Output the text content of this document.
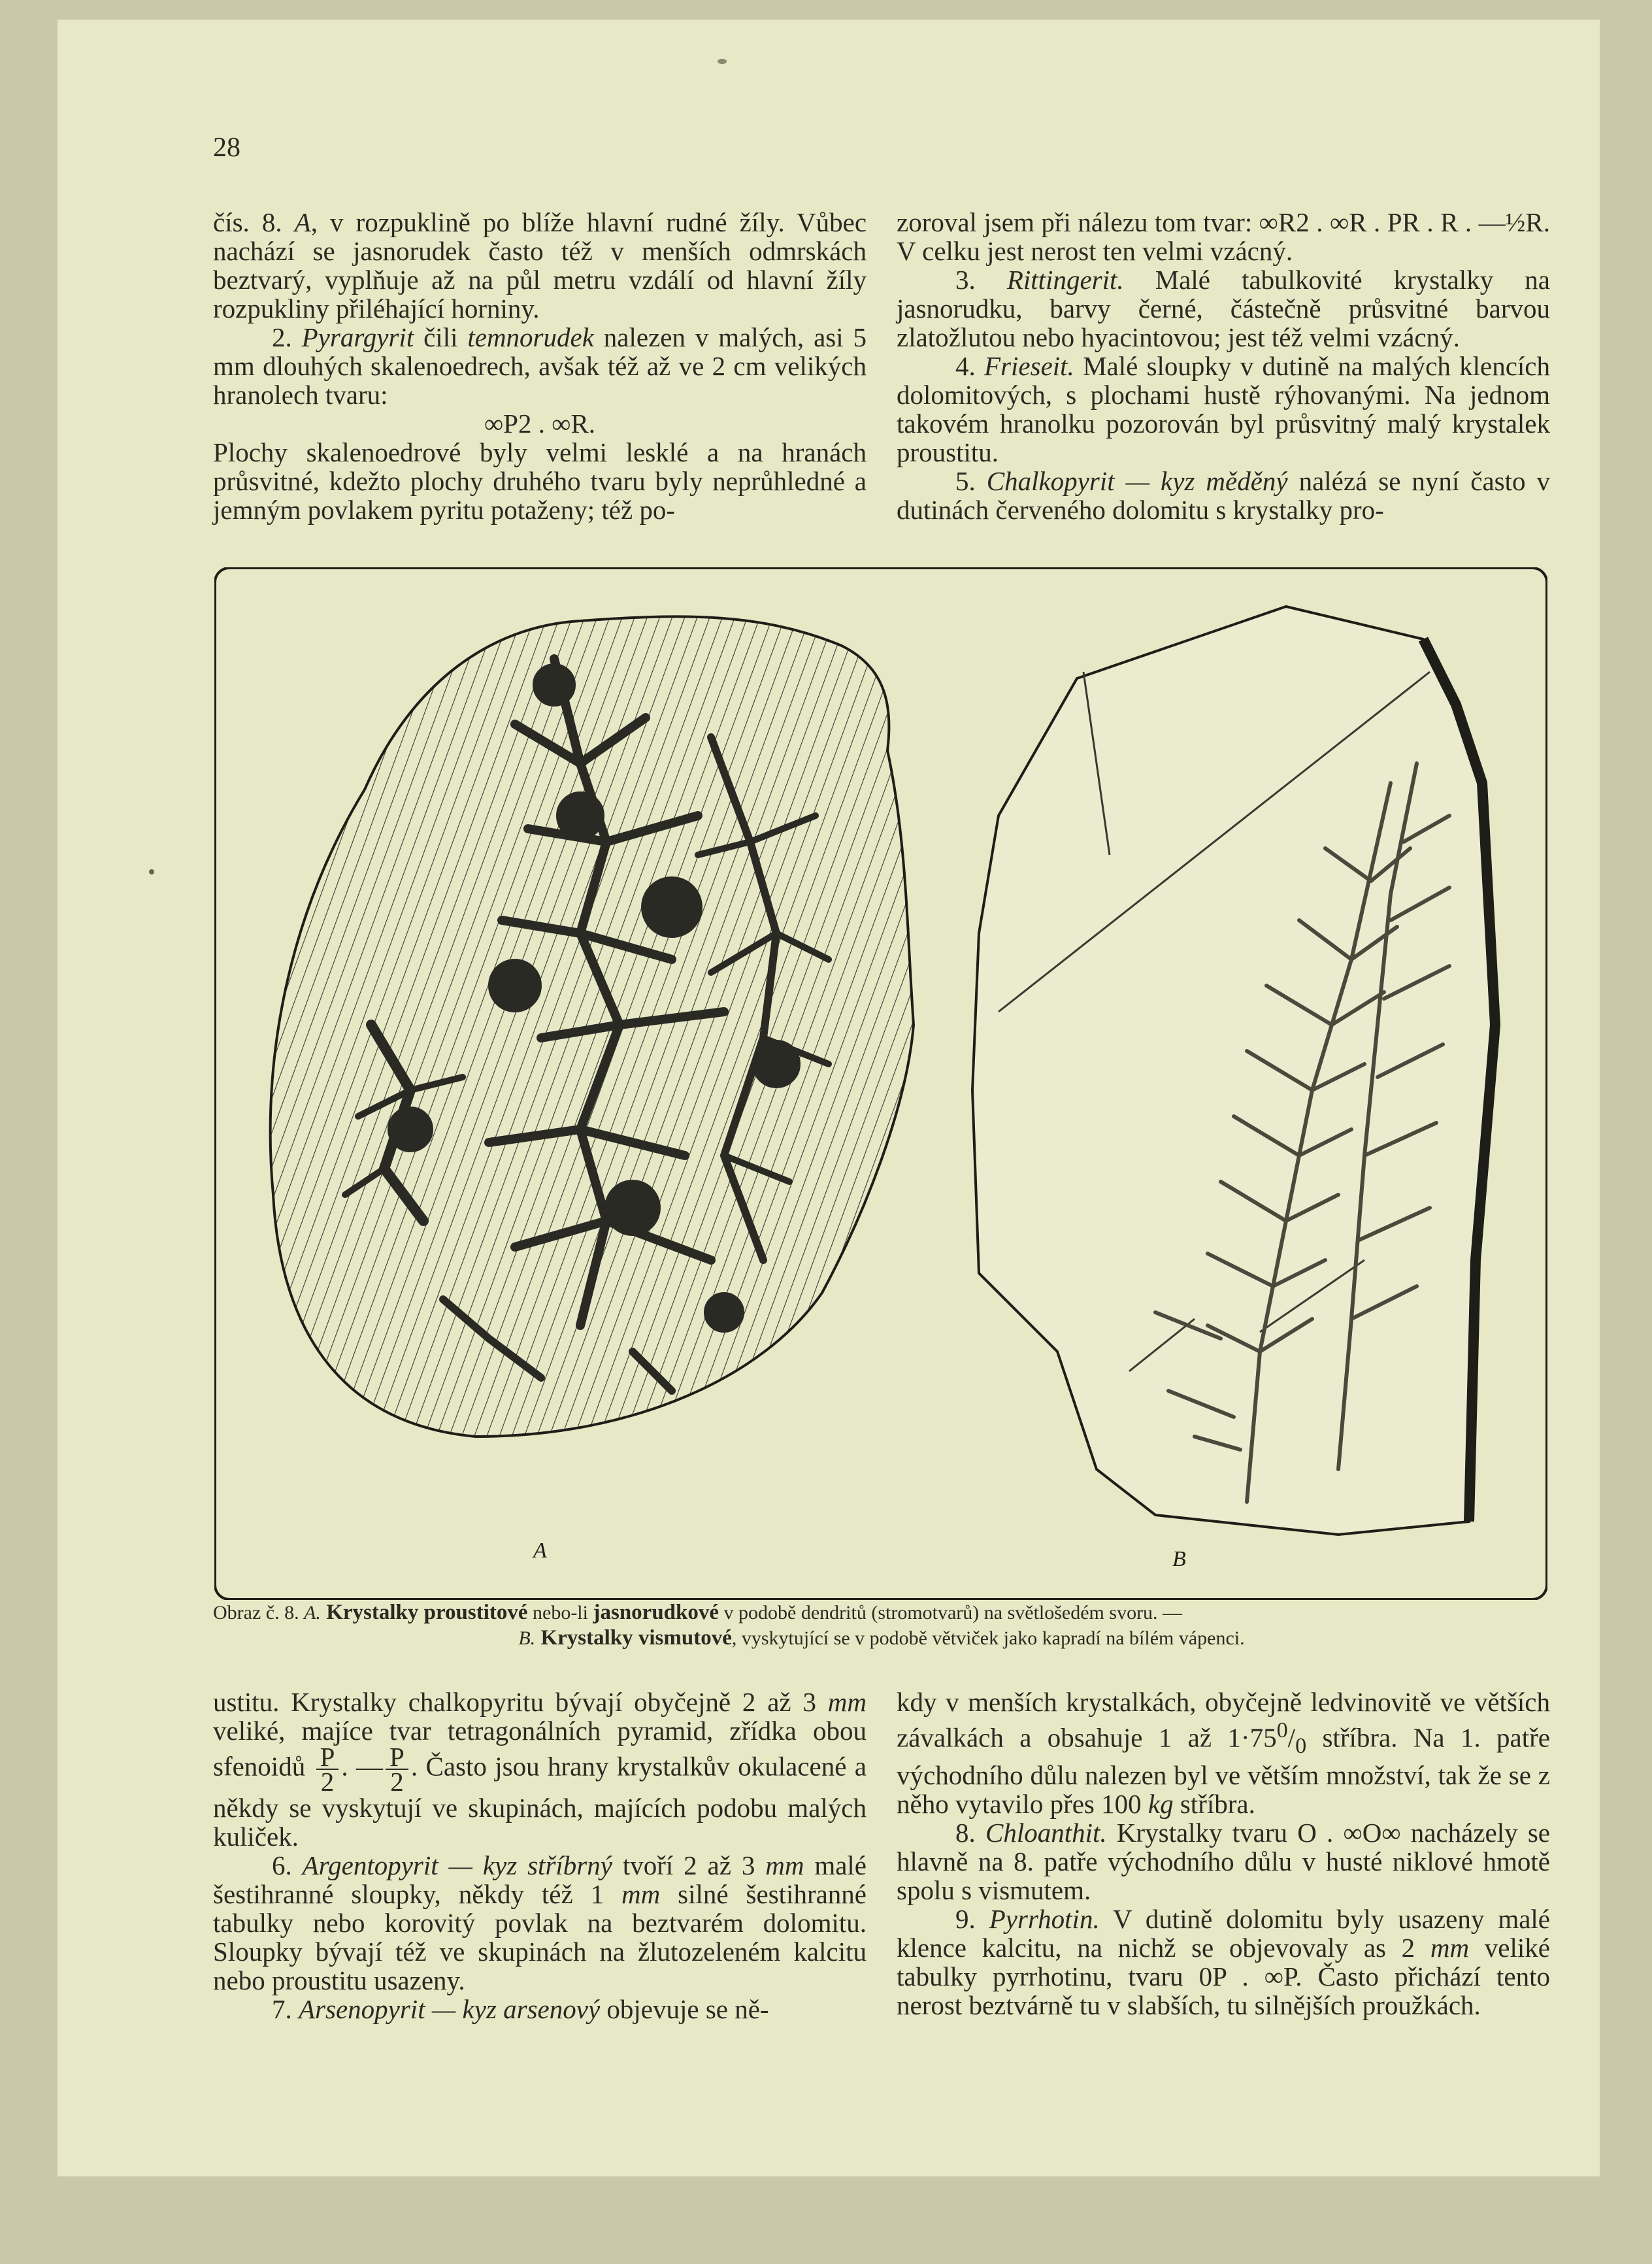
28

čís. 8. A, v rozpuklině po blíže hlavní rudné žíly. Vůbec nachází se jasnorudek často též v menších odmrskách beztvarý, vyplňuje až na půl metru vzdálí od hlavní žíly rozpukliny přiléhající horniny.

2. Pyrargyrit čili temnorudek nalezen v malých, asi 5 mm dlouhých skalenoedrech, avšak též až ve 2 cm velikých hranolech tvaru:

∞P2 . ∞R.

Plochy skalenoedrové byly velmi lesklé a na hranách průsvitné, kdežto plochy druhého tvaru byly neprůhledné a jemným povlakem pyritu potaženy; též po-

zoroval jsem při nálezu tom tvar: ∞R2 . ∞R . PR . R . —½R. V celku jest nerost ten velmi vzácný.

3. Rittingerit. Malé tabulkovité krystalky na jasnorudku, barvy černé, částečně průsvitné barvou zlatožlutou nebo hyacintovou; jest též velmi vzácný.

4. Frieseit. Malé sloupky v dutině na malých klencích dolomitových, s plochami hustě rýhovanými. Na jednom takovém hranolku pozorován byl průsvitný malý krystalek proustitu.

5. Chalkopyrit — kyz měděný nalézá se nyní často v dutinách červeného dolomitu s krystalky pro-

A	B

Obraz č. 8. A. Krystalky proustitové nebo-li jasnorudkové v podobě dendritů (stromotvarů) na světlošedém svoru. —

B. Krystalky vismutové, vyskytující se v podobě větviček jako kapradí na bílém vápenci.

ustitu. Krystalky chalkopyritu bývají obyčejně 2 až 3 mm veliké, majíce tvar tetragonálních pyramid, zřídka obou sfenoidů $\frac{P}{2}$ . — $\frac{P}{2}$ . Často jsou hrany krystalkův okulacené a někdy se vyskytují ve skupinách, majících podobu malých kuliček.

6. Argentopyrit — kyz stříbrný tvoří 2 až 3 mm malé šestihranné sloupky, někdy též 1 mm silné šestihranné tabulky nebo korovitý povlak na beztvarém dolomitu. Sloupky bývají též ve skupinách na žlutozeleném kalcitu nebo proustitu usazeny.

7. Arsenopyrit — kyz arsenový objevuje se ně-

kdy v menších krystalkách, obyčejně ledvinovitě ve větších závalkách a obsahuje 1 až $1\cdot 75^0/_0$ stříbra. Na 1. patře východního důlu nalezen byl ve větším množství, tak že se z něho vytavilo přes 100 kg stříbra.

8. Chloanthit. Krystalky tvaru O . ∞O∞ nacházely se hlavně na 8. patře východního důlu v husté niklové hmotě spolu s vismutem.

9. Pyrrhotin. V dutině dolomitu byly usazeny malé klence kalcitu, na nichž se objevovaly as 2 mm veliké tabulky pyrrhotinu, tvaru 0P . ∞P. Často přichází tento nerost beztvárně tu v slabších, tu silnějších proužkách.
